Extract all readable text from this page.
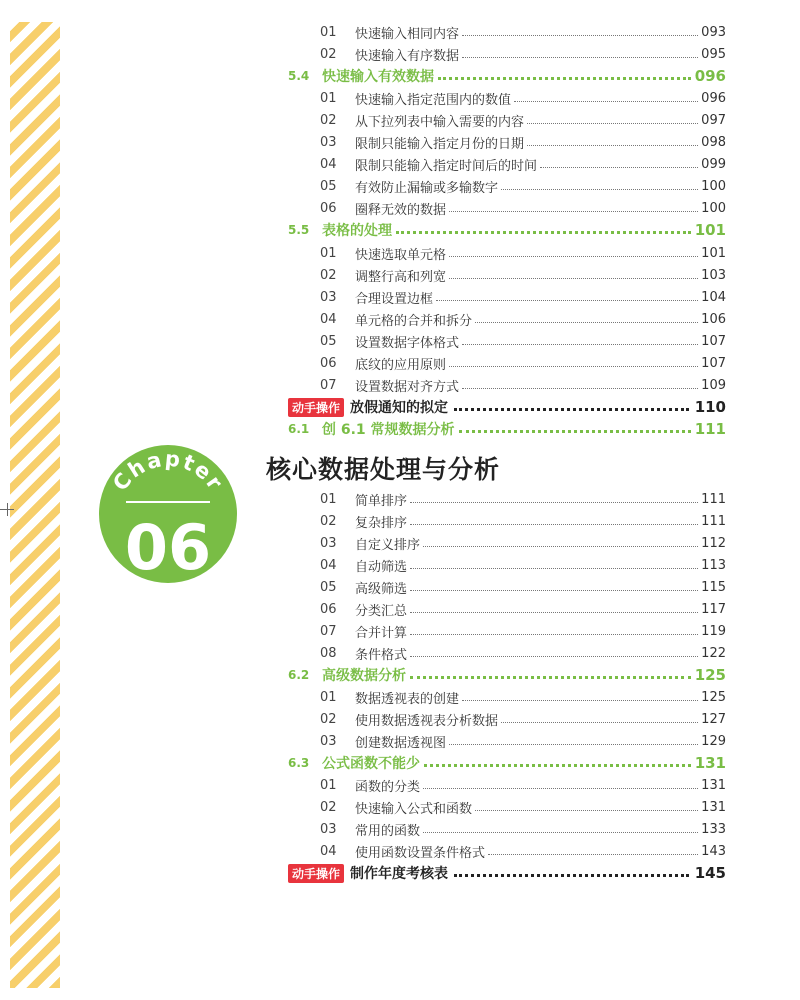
核心数据处理与分析
Chapter
06
01	快速输入相同内容	093
02	快速输入有序数据	095
5.4 快速输入有效数据	096
01	快速输入指定范围内的数值	096
02	从下拉列表中输入需要的内容	097
03	限制只能输入指定月份的日期	098
04	限制只能输入指定时间后的时间	099
05	有效防止漏输或多输数字	100
06	圈释无效的数据	100
5.5 表格的处理	101
01	快速选取单元格	101
02	调整行高和列宽	103
03	合理设置边框	104
04	单元格的合并和拆分	106
05	设置数据字体格式	107
06	底纹的应用原则	107
07	设置数据对齐方式	109
动手操作 放假通知的拟定	110
6.1 创 6.1 常规数据分析	111
01	简单排序	111
02	复杂排序	111
03	自定义排序	112
04	自动筛选	113
05	高级筛选	115
06	分类汇总	117
07	合并计算	119
08	条件格式	122
6.2 高级数据分析	125
01	数据透视表的创建	125
02	使用数据透视表分析数据	127
03	创建数据透视图	129
6.3 公式函数不能少	131
01	函数的分类	131
02	快速输入公式和函数	131
03	常用的函数	133
04	使用函数设置条件格式	143
动手操作 制作年度考核表	145
